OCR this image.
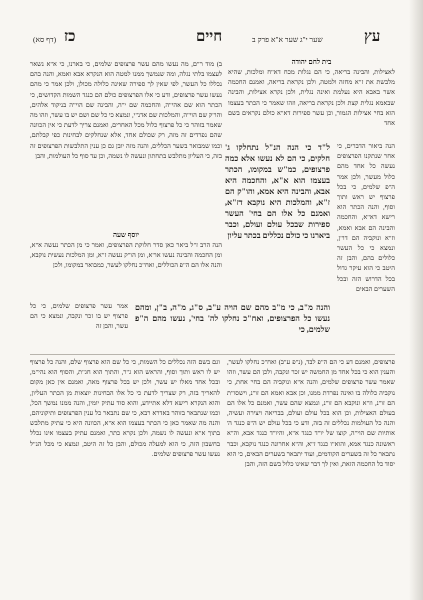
עץ
שער י"ג שער א"א פרק ב
חיים
כז
(דף סא)
בית לחם יהודה

לאצילות, והבינה בריאה, כי הם נגלות מכח דא"ח ומלכות, שהיא מלבשת את ז"א מחזה ולמטה, ולכן נקראת בריאה, ואמנם החכמה אשר באבא היא נעלמת ואינה נגלית, ולכן נקרא אצילות, והבינה שבאמא נגלית קצת ולכן נקראת בריאה, וזהו שאמר כי הכתר בעצמו הוא בחי' אצילות הגמור, וכן עשר ספירות דא"א כולם נקראים בשם אחד

הנה ביאור הדברים, כי אחר שנתקנו הפרצופים נעשה כל אחד מהם כלול מעשר, ולכן אמר ה"פ שלמים, כי בכל פרצוף יש ראש ותוך וסוף, והנה הכתר הוא רישא דא"א, והחכמה והבינה הם אבא ואמא, וז"א ונוקביה הם דו"ן, ונמצא כי כל העשר כלולים בהם, והבן זה היטב כי הוא עיקר גדול בכל הדרוש הזה ובכל השערים הבאים

ב) מוד ר"ם, מה נעשו מהם עשר פרצופים שלמים, כי בארנו, כי א"א נשאר לעצמו בלתי נגלה, ומה שנמשך ממנו למטה הוא הנקרא אבא ואמא, והנה בהם נכללו כל העשר, לפי שאין לך ספירה שאינה כלולה מכולן, ולכן אמר כי מהם נעשו עשר פרצופים, ודע כי אלו הפרצופים כולם הם כנגד השמות הקדושים, כי הכתר הוא שם אהי"ה, והחכמה שם י"ה, והבינה שם הוי"ה בניקוד אלהים, והו"ק שם הוי"ה, והמלכות שם אדנ"י, ונמצא כי כל שם ושם יש בו עשר, וזהו מה שאמר בזוהר כי כל פרצוף כלול מכל האחרים, ואמנם צריך לדעת כי אין הכוונה שהם נפרדים זה מזה, רק שכולם אחד, אלא שנחלקים לבחינות כפי קבלתם, וכמו שמבואר בשער הכללים, והנה מזה יובן גם כן ענין התלבשות הפרצופים זה בזה, כי העליון מתלבש בתחתון ונעשה לו נשמה, וכן עד סוף כל העולמות, והבן

יוסף שעה

הנה הרב ז"ל ביאר כאן סדר חלוקת הפרצופים, ואמר כי מן הכתר נעשה א"א, ומן החכמה והבינה נעשו או"א, ומן הו"ק נעשה ז"א, ומן המלכות נעשית נוקבא, והנה אלו הם ה"פ הכוללים, ואח"כ נחלקו לעשר, כמבואר במקומו, ולכן

אמר עשר פרצופים שלמים, כי כל פרצוף יש בו זכר ונקבה, ונמצא כי הם עשר, והבן זה

ל"ד כי הנה הנ"ל נתחלקו ג' חלקים, כי הם לא נעשו אלא כמה פרצופים, כמ"ש במקומו, הכתר בעצמו הוא א"א, והחכמה היא אבא, והבינה היא אמא, והו"ק הם ז"א, והמלכות היא נוקבא דז"א, ואמנם כל אלו הם בחי' העשר ספירות שבכל עולם ועולם, וכבר ביארנו כי כולם נכללים בכתר עליון

והנה מ"ב, כי מ"ב מהם שם הויה ע"ב, ס"ג, מ"ה, ב"ן, ומהם נעשו כל הפרצופים, ואח"כ נחלקו לה' בחי', נעשו מהם ה"פ שלמים, כי

פרצופים, ואמנם דע כי הם ה"פ לבד, (נ"פ ע"ב) ואח"כ נחלקו לעשר, והענין הוא כי בכל אחד מן החמשה יש זכר ונקבה, ולכן הם עשר, וזהו שאמר עשר פרצופים שלמים, והנה א"א ונוקביה הם בחי' אחת, כי נוקביה כלולה בו ואינה נפרדת ממנו, וכן אבא ואמא הם זו"נ, וישסו"ת הם זו"נ, וז"א ונוקבא הם זו"נ, ונמצא שהם עשר, ואמנם כל אלו הם בעולם האצילות, וכן הוא בכל עולם ועולם, בבריאה ויצירה ועשיה, והנה כל העולמות נכללים זה בזה, ודע כי בכל עולם יש ה"פ כנגד ה' אותיות שם הוי"ה, קוצו של יו"ד כנגד א"א, והיו"ד כנגד אבא, וה"א ראשונה כנגד אמא, והוא"ו כנגד ז"א, וה"א אחרונה כנגד נוקבא, וכבר נתבאר כל זה בשערים הקודמים, ועוד יתבאר בשערים הבאים, כי הוא יסוד כל החכמה הזאת, ואין לך דבר שאינו כלול בשם הזה, והבן

וגם בשם הזה נכללים כל השמות, כי כל שם הוא פרצוף שלם, והנה כל פרצוף יש לו ראש ותוך וסוף, והראש הוא ג"ר, והתוך הוא חג"ת, והסוף הוא נהי"מ, ובכל אחד מאלו יש עשר, ולכן יש בכל פרצוף מאה, ואמנם אין כאן מקום להאריך בזה, רק שצריך לדעת כי כל אלו הבחינות יוצאות מן הכתר העליון, והוא הנקרא רישא דלא אתיידע, והוא סוד עתיק יומין, והנה ממנו נמשך הכל, וכמו שנתבאר בזוהר באדרא רבא, כי שם נתבאר כל ענין הפרצופים ותיקוניהם, והנה מה שאמר כאן כי הכתר בעצמו הוא א"א, הכוונה היא כי עתיק מתלבש בתוך א"א ונעשה לו נשמה, ולכן נקרא כתר, ואמנם עתיק בעצמו אינו נכלל בחשבון הזה, כי הוא למעלה מכולם, והבן כל זה היטב, ונמצא כי מכל הנ"ל נעשו עשר פרצופים שלמים.
